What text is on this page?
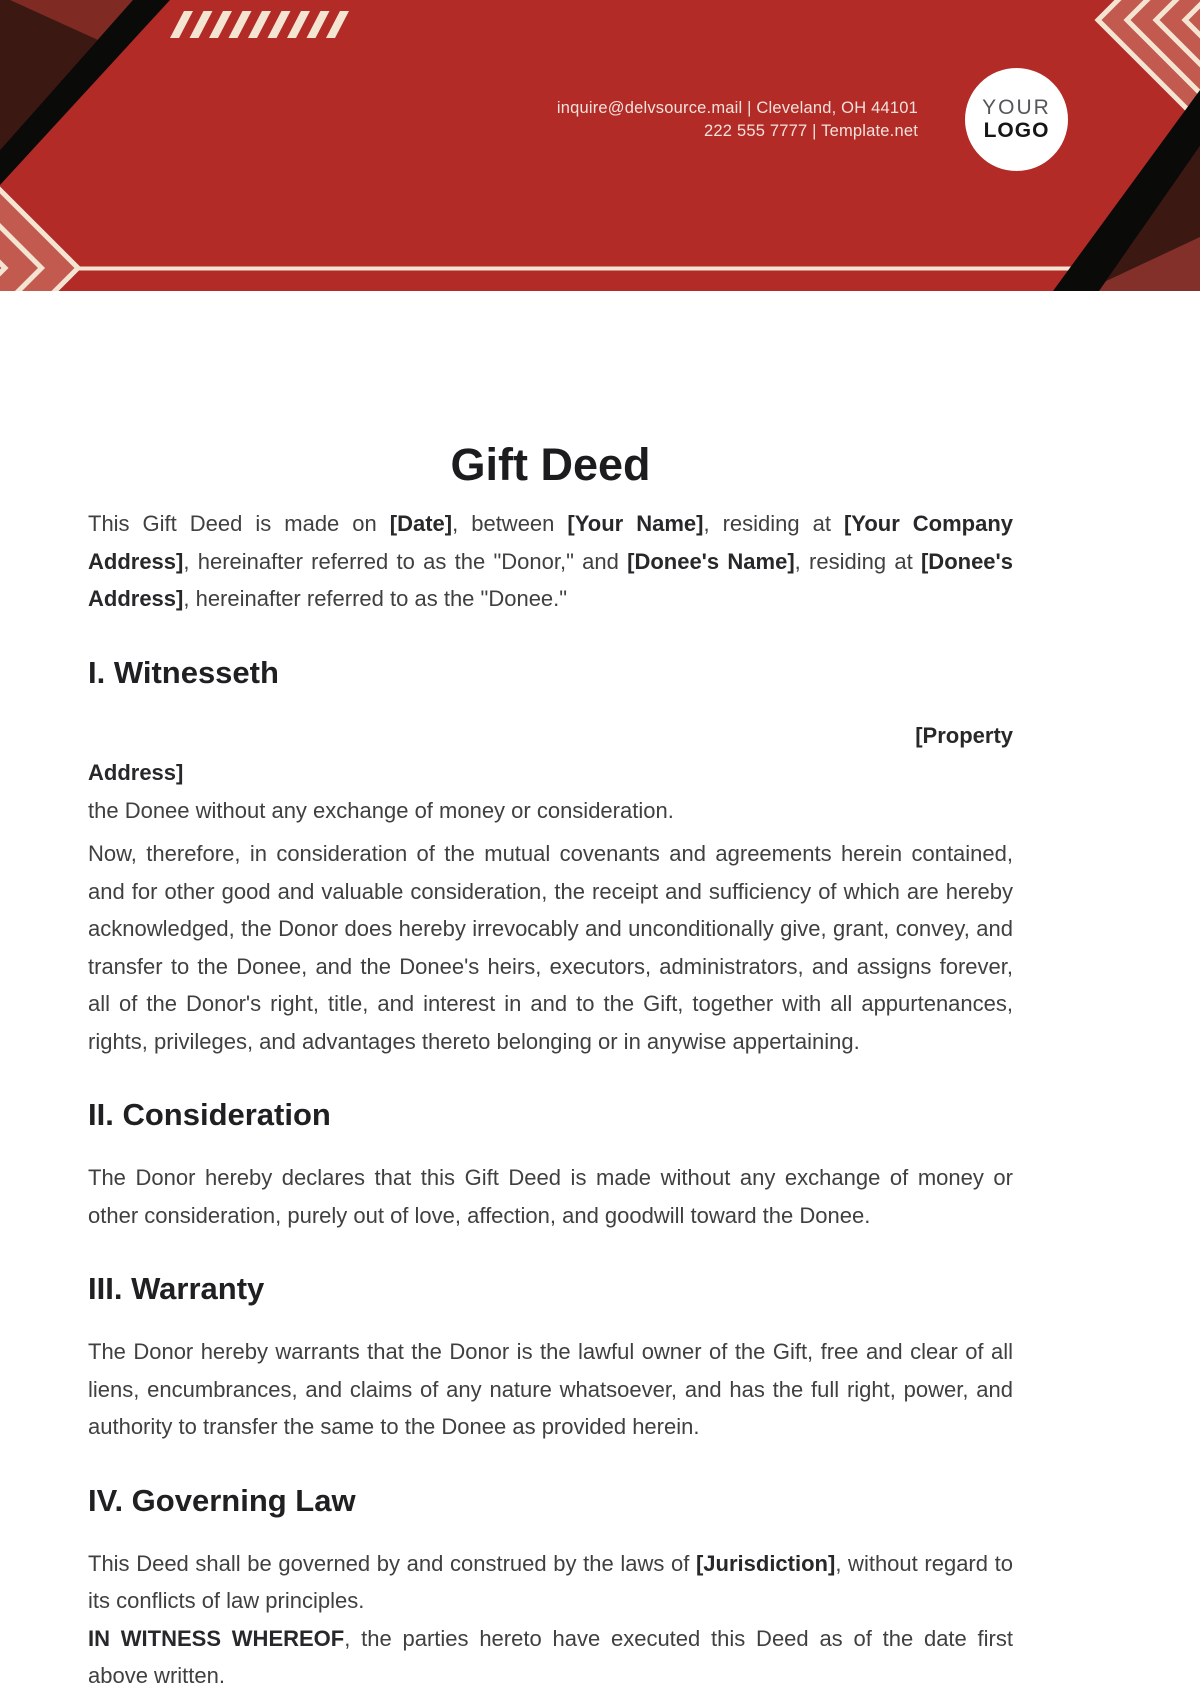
inquire@delvsource.mail | Cleveland, OH 44101
222 555 7777 | Template.net
YOUR
LOGO
Gift Deed

This Gift Deed is made on [Date], between [Your Name], residing at [Your Company Address], hereinafter referred to as the "Donor," and [Donee's Name], residing at [Donee's Address], hereinafter referred to as the "Donee."

I. Witnesseth

[Property

Address]

the Donee without any exchange of money or consideration.

Now, therefore, in consideration of the mutual covenants and agreements herein contained, and for other good and valuable consideration, the receipt and sufficiency of which are hereby acknowledged, the Donor does hereby irrevocably and unconditionally give, grant, convey, and transfer to the Donee, and the Donee's heirs, executors, administrators, and assigns forever, all of the Donor's right, title, and interest in and to the Gift, together with all appurtenances, rights, privileges, and advantages thereto belonging or in anywise appertaining.

II. Consideration

The Donor hereby declares that this Gift Deed is made without any exchange of money or other consideration, purely out of love, affection, and goodwill toward the Donee.

III. Warranty

The Donor hereby warrants that the Donor is the lawful owner of the Gift, free and clear of all liens, encumbrances, and claims of any nature whatsoever, and has the full right, power, and authority to transfer the same to the Donee as provided herein.

IV. Governing Law

This Deed shall be governed by and construed by the laws of [Jurisdiction], without regard to its conflicts of law principles.

IN WITNESS WHEREOF, the parties hereto have executed this Deed as of the date first above written.
